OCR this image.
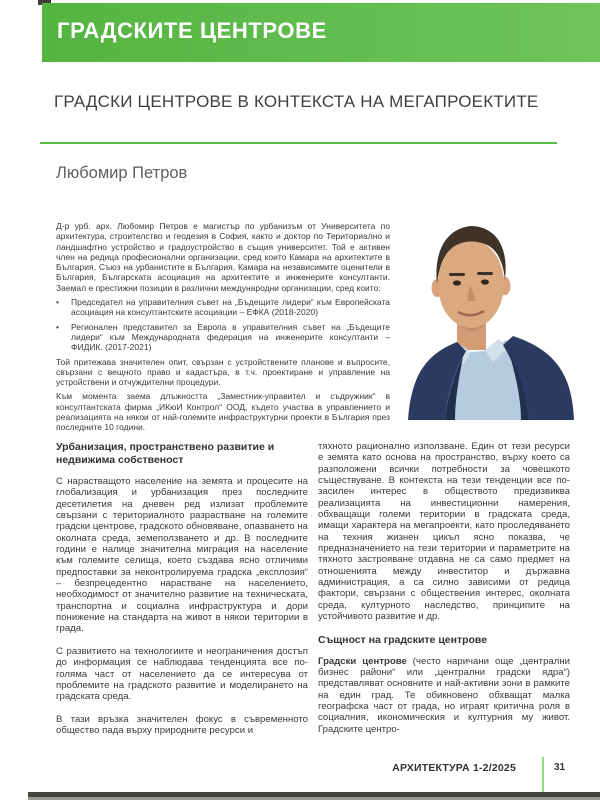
ГРАДСКИТЕ ЦЕНТРОВЕ
ГРАДСКИ ЦЕНТРОВЕ В КОНТЕКСТА НА МЕГАПРОЕКТИТЕ
Любомир Петров

Д-р урб. арх. Любомир Петров е магистър по урбанизъм от Университета по архитектура, строителство и геодезия в София, както и доктор по Териториално и ландшафтно устройство и градоустройство в същия университет. Той е активен член на редица професионални организации, сред които Камара на архитектите в България, Съюз на урбанистите в България, Камара на независимите оценители в България, Българската асоциация на архитектите и инженерите консултанти. Заемал е престижни позиции в различни международни организации, сред които:

•	Председател на управителния съвет на „Бъдещите лидери“ към Европейската асоциация на консултантските асоциации – ЕФКА (2018-2020)
•	Регионален представител за Европа в управителния съвет на „Бъдещите лидери“ към Международната федерация на инженерите консултанти – ФИДИК. (2017-2021)

Той притежава значителен опит, свързан с устройствените планове и въпросите, свързани с вещното право и кадастъра, в т.ч. проектиране и управление на устройствени и отчуждителни процедури.

Към момента заема длъжността „Заместник-управител и съдружник“ в консултантската фирма „ИКюИ Контрол“ ООД, където участва в управлението и реализацията на някои от най-големите инфраструктурни проекти в България през последните 10 години.

Урбанизация, пространствено развитие и недвижима собственост

С нарастващото население на земята и процесите на глобализация и урбанизация през последните десетилетия на дневен ред излизат проблемите свързани с териториалното разрастване на големите градски центрове, градското обновяване, опазването на околната среда, земеползването и др. В последните години е налице значителна миграция на население към големите селища, което създава ясно отличими предпоставки за неконтролируема градска „експлозия“ – безпрецедентно нарастване на населението, необходимост от значително развитие на техническата, транспортна и социална инфраструктура и дори понижение на стандарта на живот в някои територии в града.

С развитието на технологиите и неограничения достъп до информация се наблюдава тенденцията все по-голяма част от населението да се интересува от проблемите на градското развитие и моделирането на градската среда.

В тази връзка значителен фокус в съвременното общество пада върху природните ресурси и

тяхното рационално използване. Един от тези ресурси е земята като основа на пространство, върху което са разположени всички потребности за човешкото съществуване. В контекста на тези тенденции все по-засилен интерес в обществото предизвиква реализацията на инвестиционни намерения, обхващащи големи територии в градската среда, имащи характера на мегапроекти, като проследяването на техния жизнен цикъл ясно показва, че предназначението на тези територии и параметрите на тяхното застрояване отдавна не са само предмет на отношенията между инвеститор и държавна администрация, а са силно зависими от редица фактори, свързани с обществения интерес, околната среда, културното наследство, принципите на устойчивото развитие и др.

Същност на градските центрове

Градски центрове (често наричани още „централни бизнес райони“ или „централни градски ядра“) представляват основните и най-активни зони в рамките на един град. Те обикновено обхващат малка географска част от града, но играят критична роля в социалния, икономическия и културния му живот. Градските центро-

АРХИТЕКТУРА 1-2/2025	31
